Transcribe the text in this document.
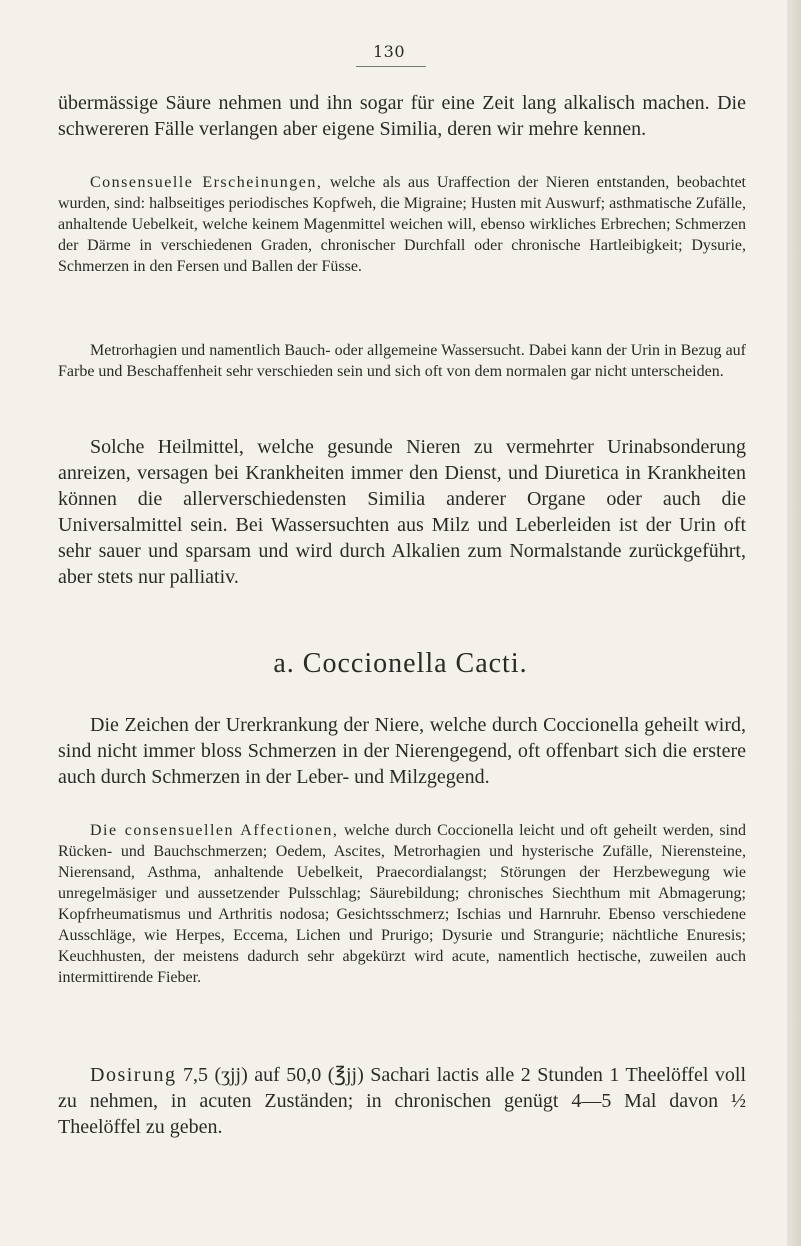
130

übermässige Säure nehmen und ihn sogar für eine Zeit lang alkalisch machen. Die schwereren Fälle verlangen aber eigene Similia, deren wir mehre kennen.

Consensuelle Erscheinungen, welche als aus Uraffection der Nieren entstanden, beobachtet wurden, sind: halbseitiges periodisches Kopfweh, die Migraine; Husten mit Auswurf; asthmatische Zufälle, anhaltende Uebelkeit, welche keinem Magenmittel weichen will, ebenso wirkliches Erbrechen; Schmerzen der Därme in verschiedenen Graden, chronischer Durchfall oder chronische Hartleibigkeit; Dysurie, Schmerzen in den Fersen und Ballen der Füsse.

Metrorhagien und namentlich Bauch- oder allgemeine Wassersucht. Dabei kann der Urin in Bezug auf Farbe und Beschaffenheit sehr verschieden sein und sich oft von dem normalen gar nicht unterscheiden.

Solche Heilmittel, welche gesunde Nieren zu vermehrter Urinabsonderung anreizen, versagen bei Krankheiten immer den Dienst, und Diuretica in Krankheiten können die allerverschiedensten Similia anderer Organe oder auch die Universalmittel sein. Bei Wassersuchten aus Milz und Leberleiden ist der Urin oft sehr sauer und sparsam und wird durch Alkalien zum Normalstande zurückgeführt, aber stets nur palliativ.

a. Coccionella Cacti.

Die Zeichen der Urerkrankung der Niere, welche durch Coccionella geheilt wird, sind nicht immer bloss Schmerzen in der Nierengegend, oft offenbart sich die erstere auch durch Schmerzen in der Leber- und Milzgegend.

Die consensuellen Affectionen, welche durch Coccionella leicht und oft geheilt werden, sind Rücken- und Bauchschmerzen; Oedem, Ascites, Metrorhagien und hysterische Zufälle, Nierensteine, Nierensand, Asthma, anhaltende Uebelkeit, Praecordialangst; Störungen der Herzbewegung wie unregelmäsiger und aussetzender Pulsschlag; Säurebildung; chronisches Siechthum mit Abmagerung; Kopfrheumatismus und Arthritis nodosa; Gesichtsschmerz; Ischias und Harnruhr. Ebenso verschiedene Ausschläge, wie Herpes, Eccema, Lichen und Prurigo; Dysurie und Strangurie; nächtliche Enuresis; Keuchhusten, der meistens dadurch sehr abgekürzt wird acute, namentlich hectische, zuweilen auch intermittirende Fieber.

Dosirung 7,5 (ʒjj) auf 50,0 (℥jj) Sachari lactis alle 2 Stunden 1 Theelöffel voll zu nehmen, in acuten Zuständen; in chronischen genügt 4—5 Mal davon ½ Theelöffel zu geben.
